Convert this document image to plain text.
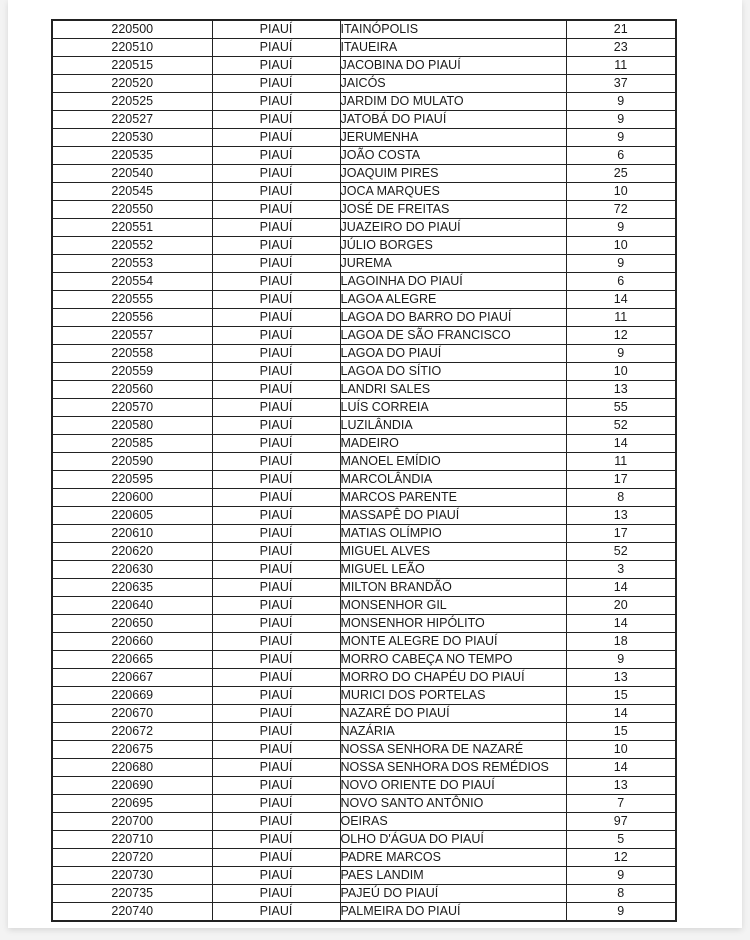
220500	PIAUÍ	ITAINÓPOLIS	21
220510	PIAUÍ	ITAUEIRA	23
220515	PIAUÍ	JACOBINA DO PIAUÍ	11
220520	PIAUÍ	JAICÓS	37
220525	PIAUÍ	JARDIM DO MULATO	9
220527	PIAUÍ	JATOBÁ DO PIAUÍ	9
220530	PIAUÍ	JERUMENHA	9
220535	PIAUÍ	JOÃO COSTA	6
220540	PIAUÍ	JOAQUIM PIRES	25
220545	PIAUÍ	JOCA MARQUES	10
220550	PIAUÍ	JOSÉ DE FREITAS	72
220551	PIAUÍ	JUAZEIRO DO PIAUÍ	9
220552	PIAUÍ	JÚLIO BORGES	10
220553	PIAUÍ	JUREMA	9
220554	PIAUÍ	LAGOINHA DO PIAUÍ	6
220555	PIAUÍ	LAGOA ALEGRE	14
220556	PIAUÍ	LAGOA DO BARRO DO PIAUÍ	11
220557	PIAUÍ	LAGOA DE SÃO FRANCISCO	12
220558	PIAUÍ	LAGOA DO PIAUÍ	9
220559	PIAUÍ	LAGOA DO SÍTIO	10
220560	PIAUÍ	LANDRI SALES	13
220570	PIAUÍ	LUÍS CORREIA	55
220580	PIAUÍ	LUZILÂNDIA	52
220585	PIAUÍ	MADEIRO	14
220590	PIAUÍ	MANOEL EMÍDIO	11
220595	PIAUÍ	MARCOLÂNDIA	17
220600	PIAUÍ	MARCOS PARENTE	8
220605	PIAUÍ	MASSAPÊ DO PIAUÍ	13
220610	PIAUÍ	MATIAS OLÍMPIO	17
220620	PIAUÍ	MIGUEL ALVES	52
220630	PIAUÍ	MIGUEL LEÃO	3
220635	PIAUÍ	MILTON BRANDÃO	14
220640	PIAUÍ	MONSENHOR GIL	20
220650	PIAUÍ	MONSENHOR HIPÓLITO	14
220660	PIAUÍ	MONTE ALEGRE DO PIAUÍ	18
220665	PIAUÍ	MORRO CABEÇA NO TEMPO	9
220667	PIAUÍ	MORRO DO CHAPÉU DO PIAUÍ	13
220669	PIAUÍ	MURICI DOS PORTELAS	15
220670	PIAUÍ	NAZARÉ DO PIAUÍ	14
220672	PIAUÍ	NAZÁRIA	15
220675	PIAUÍ	NOSSA SENHORA DE NAZARÉ	10
220680	PIAUÍ	NOSSA SENHORA DOS REMÉDIOS	14
220690	PIAUÍ	NOVO ORIENTE DO PIAUÍ	13
220695	PIAUÍ	NOVO SANTO ANTÔNIO	7
220700	PIAUÍ	OEIRAS	97
220710	PIAUÍ	OLHO D'ÁGUA DO PIAUÍ	5
220720	PIAUÍ	PADRE MARCOS	12
220730	PIAUÍ	PAES LANDIM	9
220735	PIAUÍ	PAJEÚ DO PIAUÍ	8
220740	PIAUÍ	PALMEIRA DO PIAUÍ	9
